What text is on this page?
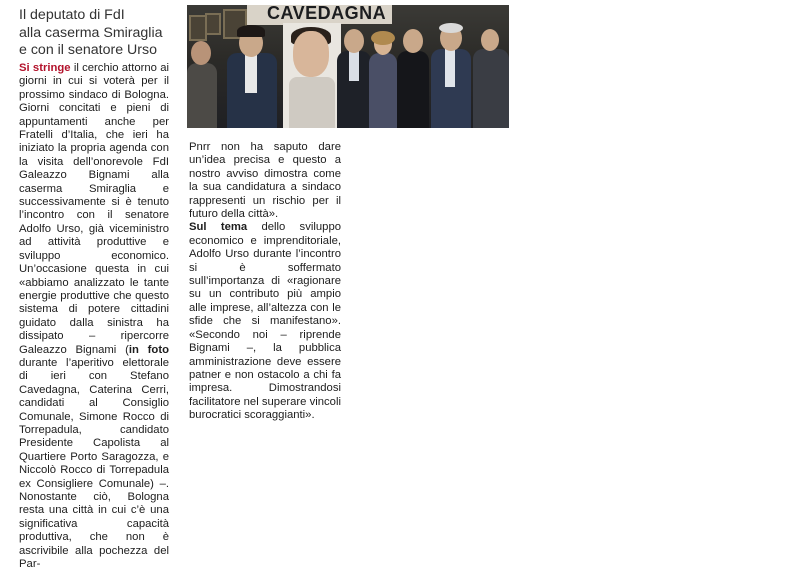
Il deputato di FdI
alla caserma Smiraglia
e con il senatore Urso
CAVEDAGNA

Si stringe il cerchio attorno ai giorni in cui si voterà per il prossimo sindaco di Bologna. Giorni concitati e pieni di appuntamenti anche per Fratelli d’Italia, che ieri ha iniziato la propria agenda con la visita dell’onorevole FdI Galeazzo Bignami alla caserma Smiraglia e successivamente si è tenuto l’incontro con il senatore Adolfo Urso, già viceministro ad attività produttive e sviluppo economico. Un’occasione questa in cui «abbiamo analizzato le tante energie produttive che questo sistema di potere cittadini guidato dalla sinistra ha dissipato – ripercorre Galeazzo Bignami (in foto durante l’aperitivo elettorale di ieri con Stefano Cavedagna, Caterina Cerri, candidati al Consiglio Comunale, Simone Rocco di Torrepadula, candidato Presidente Capolista al Quartiere Porto Saragozza, e Niccolò Rocco di Torrepadula ex Consigliere Comunale) –. Nonostante ciò, Bologna resta una città in cui c’è una significativa capacità produttiva, che non è ascrivibile alla pochezza del Par-

Pnrr non ha saputo dare un’idea precisa e questo a nostro avviso dimostra come la sua candidatura a sindaco rappresenti un rischio per il futuro della città».

Sul tema dello sviluppo economico e imprenditoriale, Adolfo Urso durante l’incontro si è soffermato sull’importanza di «ragionare su un contributo più ampio alle imprese, all’altezza con le sfide che si manifestano». «Secondo noi – riprende Bignami –, la pubblica amministrazione deve essere patner e non ostacolo a chi fa impresa. Dimostrandosi facilitatore nel superare vincoli burocratici scoraggianti».
